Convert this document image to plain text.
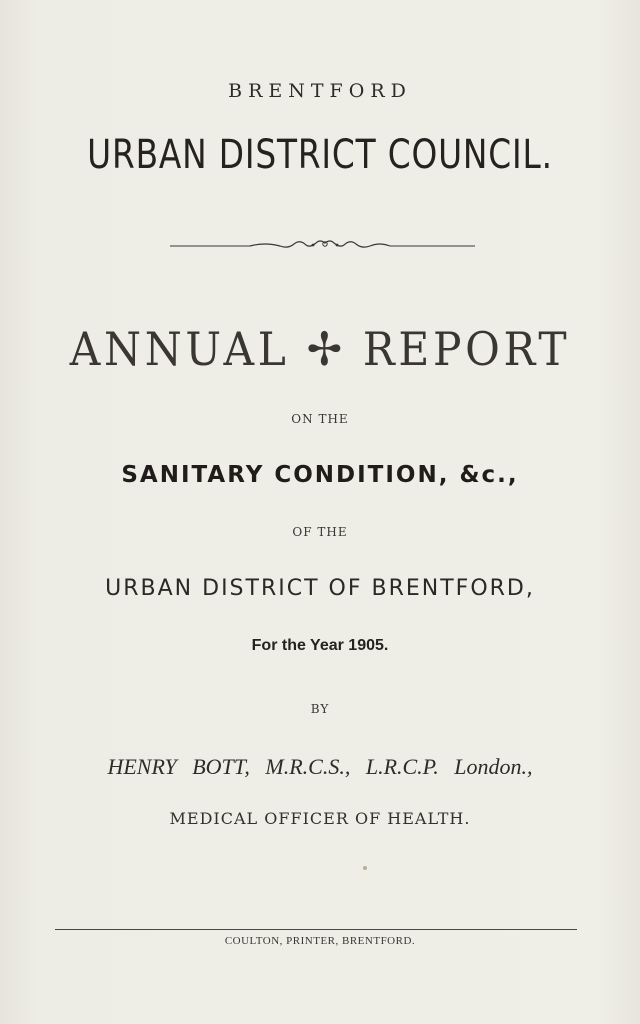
BRENTFORD
URBAN DISTRICT COUNCIL.
ANNUAL ✢ REPORT
ON THE
SANITARY CONDITION, &c.,
OF THE
URBAN DISTRICT OF BRENTFORD,
For the Year 1905.
BY
HENRY BOTT, M.R.C.S., L.R.C.P. London.,
MEDICAL OFFICER OF HEALTH.
COULTON, PRINTER, BRENTFORD.
